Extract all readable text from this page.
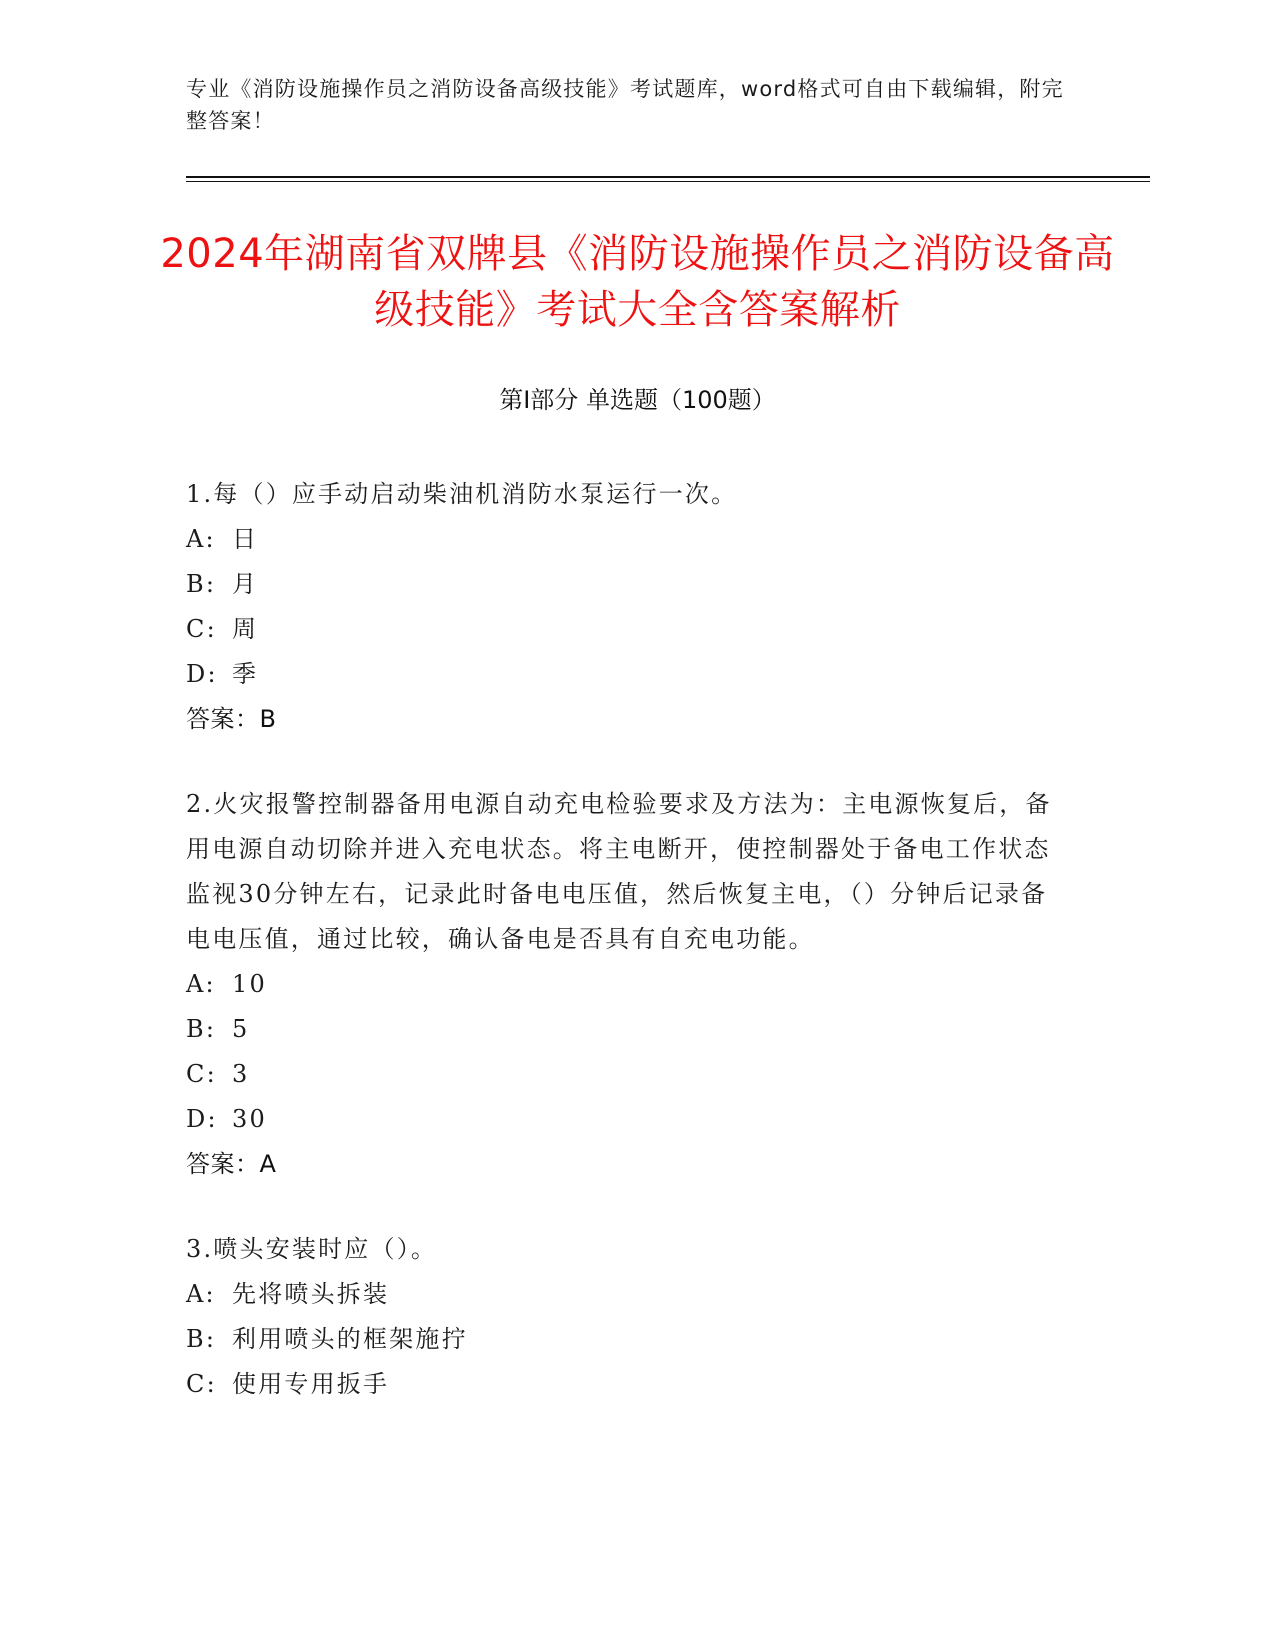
专业《消防设施操作员之消防设备高级技能》考试题库，word格式可自由下载编辑，附完整答案！
2024年湖南省双牌县《消防设施操作员之消防设备高级技能》考试大全含答案解析
第I部分 单选题（100题）
1.每（）应手动启动柴油机消防水泵运行一次。
A: 日
B: 月
C: 周
D: 季
答案：B
2.火灾报警控制器备用电源自动充电检验要求及方法为：主电源恢复后，备用电源自动切除并进入充电状态。将主电断开，使控制器处于备电工作状态监视30分钟左右，记录此时备电电压值，然后恢复主电，（）分钟后记录备电电压值，通过比较，确认备电是否具有自充电功能。
A: 10
B: 5
C: 3
D: 30
答案：A
3.喷头安装时应（）。
A: 先将喷头拆装
B: 利用喷头的框架施拧
C: 使用专用扳手
